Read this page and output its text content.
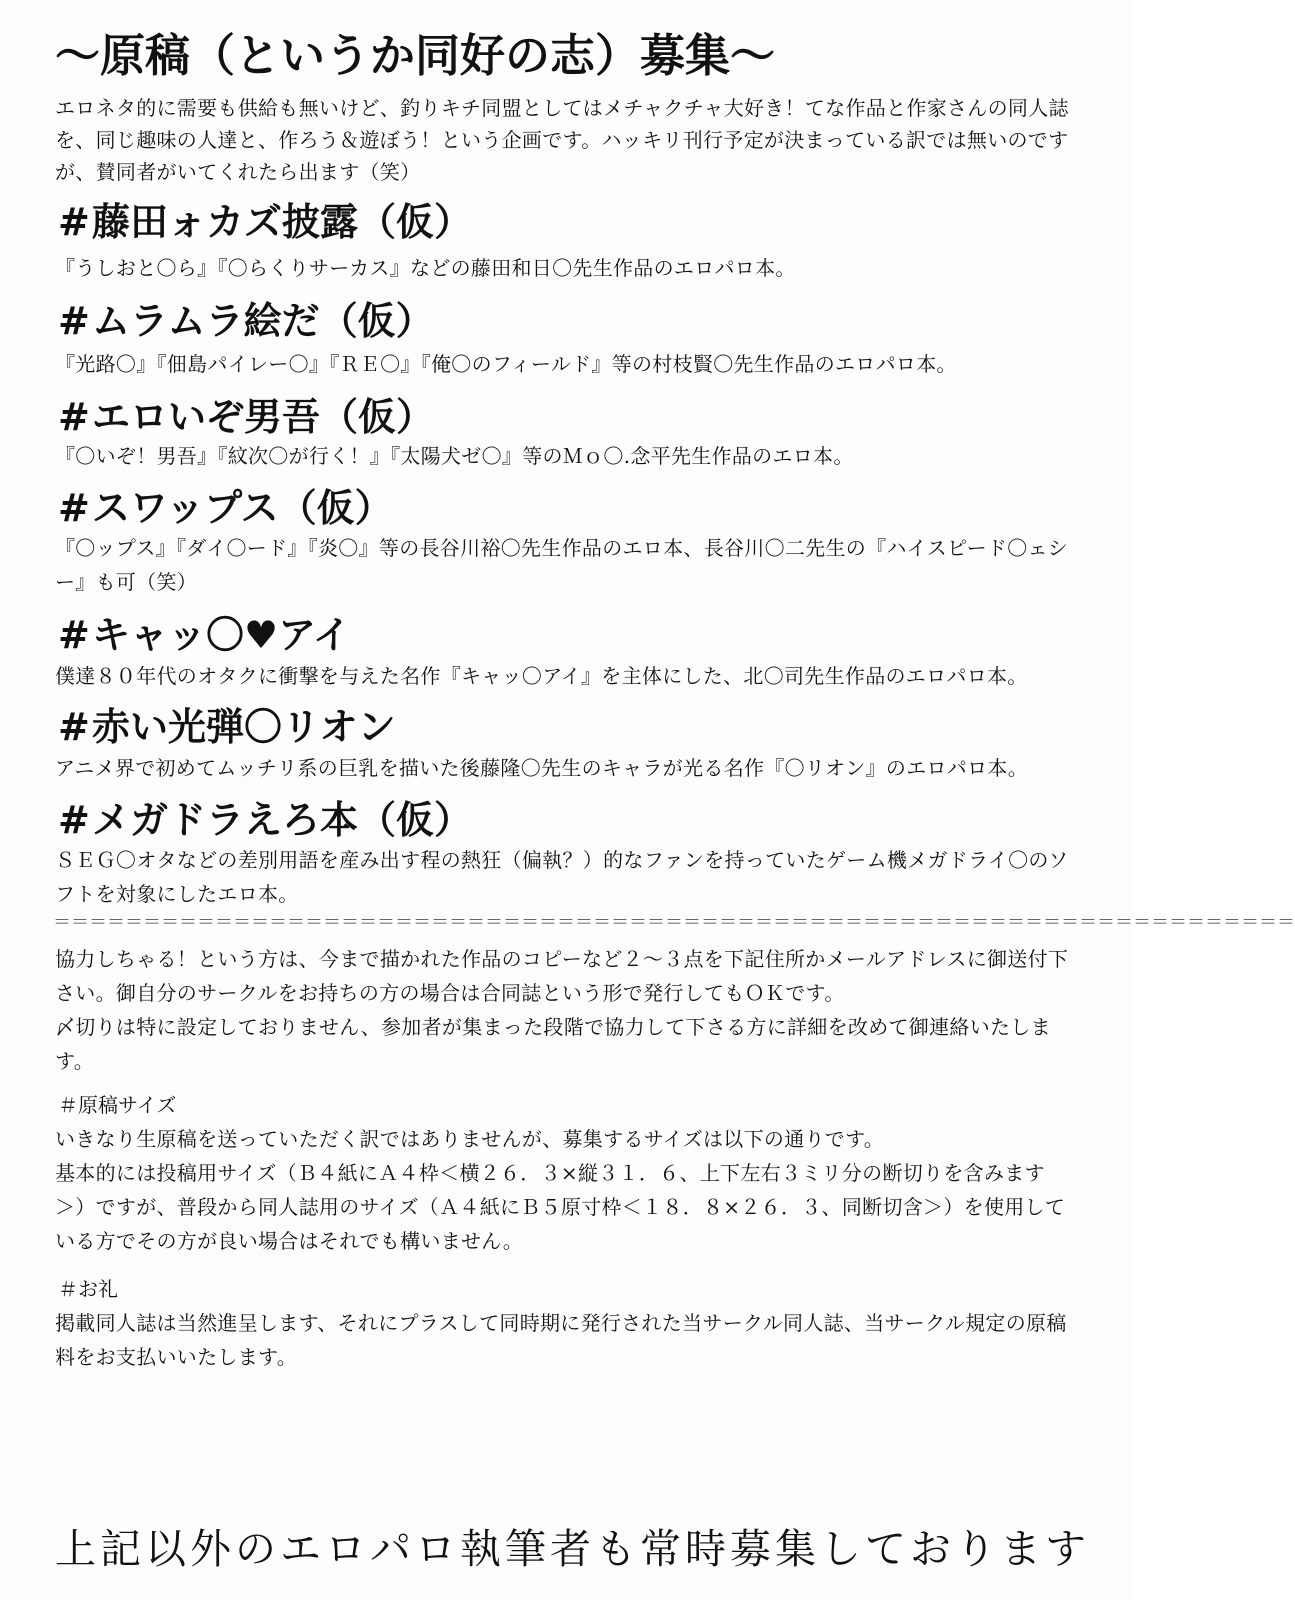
〜原稿（というか同好の志）募集〜
エロネタ的に需要も供給も無いけど、釣りキチ同盟としてはメチャクチャ大好き！てな作品と作家さんの同人誌を、同じ趣味の人達と、作ろう＆遊ぼう！という企画です。ハッキリ刊行予定が決まっている訳では無いのですが、賛同者がいてくれたら出ます（笑）
#藤田ォカズ披露（仮）
『うしおと〇ら』『〇らくりサーカス』などの藤田和日〇先生作品のエロパロ本。
#ムラムラ絵だ（仮）
『光路〇』『佃島パイレー〇』『ＲＥ〇』『俺〇のフィールド』等の村枝賢〇先生作品のエロパロ本。
#エロいぞ男吾（仮）
『〇いぞ！男吾』『紋次〇が行く！』『太陽犬ゼ〇』等のＭｏ〇.念平先生作品のエロ本。
#スワップス（仮）
『〇ップス』『ダイ〇ード』『炎〇』等の長谷川裕〇先生作品のエロ本、長谷川〇二先生の『ハイスピード〇ェシー』も可（笑）
#キャッ〇♥アイ
僕達８０年代のオタクに衝撃を与えた名作『キャッ〇アイ』を主体にした、北〇司先生作品のエロパロ本。
#赤い光弾〇リオン
アニメ界で初めてムッチリ系の巨乳を描いた後藤隆〇先生のキャラが光る名作『〇リオン』のエロパロ本。
#メガドラえろ本（仮）
ＳＥＧ〇オタなどの差別用語を産み出す程の熱狂（偏執？）的なファンを持っていたゲーム機メガドライ〇のソフトを対象にしたエロ本。
＝＝＝＝＝＝＝＝＝＝＝＝＝＝＝＝＝＝＝＝＝＝＝＝＝＝＝＝＝＝＝＝＝＝＝＝＝＝＝＝＝＝＝＝＝＝＝＝＝＝＝＝＝＝＝＝＝＝＝＝＝＝＝＝＝＝＝＝＝
協力しちゃる！という方は、今まで描かれた作品のコピーなど２〜３点を下記住所かメールアドレスに御送付下さい。御自分のサークルをお持ちの方の場合は合同誌という形で発行してもＯＫです。
〆切りは特に設定しておりません、参加者が集まった段階で協力して下さる方に詳細を改めて御連絡いたします。
＃原稿サイズ
いきなり生原稿を送っていただく訳ではありませんが、募集するサイズは以下の通りです。
基本的には投稿用サイズ（Ｂ４紙にＡ４枠＜横２６．３×縦３１．６、上下左右３ミリ分の断切りを含みます＞）ですが、普段から同人誌用のサイズ（Ａ４紙にＢ５原寸枠＜１８．８×２６．３、同断切含＞）を使用している方でその方が良い場合はそれでも構いません。
＃お礼
掲載同人誌は当然進呈します、それにプラスして同時期に発行された当サークル同人誌、当サークル規定の原稿料をお支払いいたします。
上記以外のエロパロ執筆者も常時募集しております
